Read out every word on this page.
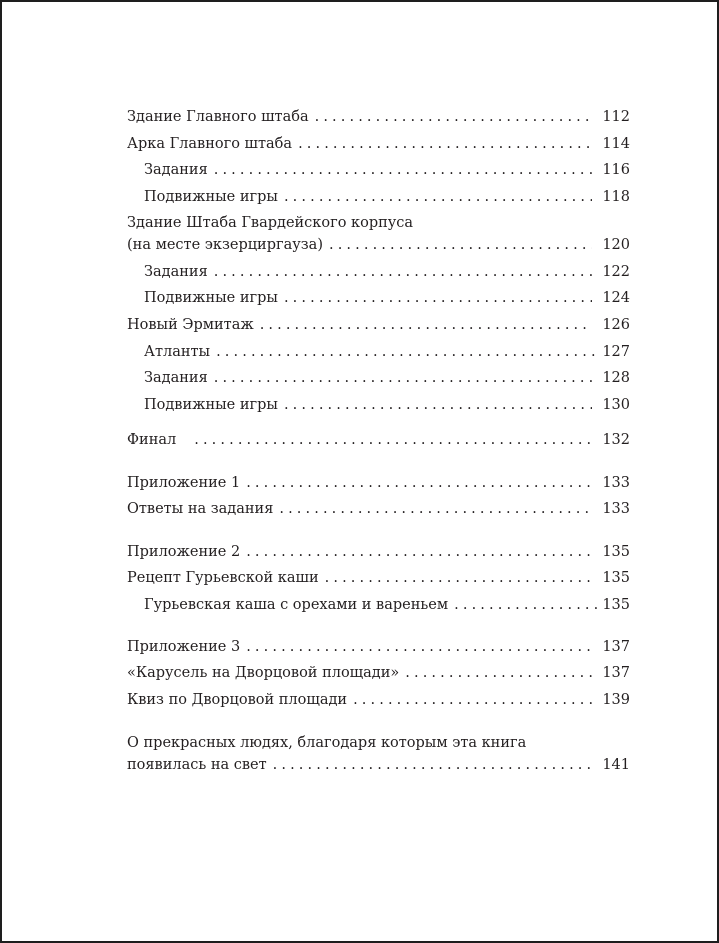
Здание Главного штаба . . .	112
Арка Главного штаба . . .	114
Задания . . .	116
Подвижные игры . . .	118
Здание Штаба Гвардейского корпуса
(на месте экзерциргауза) . . .	120
Задания . . .	122
Подвижные игры . . .	124
Новый Эрмитаж . . .	126
Атланты . . .	127
Задания . . .	128
Подвижные игры . . .	130
Финал . . .	132
Приложение 1 . . .	133
Ответы на задания . . .	133
Приложение 2 . . .	135
Рецепт Гурьевской каши . . .	135
Гурьевская каша с орехами и вареньем . . .	135
Приложение 3 . . .	137
«Карусель на Дворцовой площади» . . .	137
Квиз по Дворцовой площади . . .	139
О прекрасных людях, благодаря которым эта книга
появилась на свет . . .	141
